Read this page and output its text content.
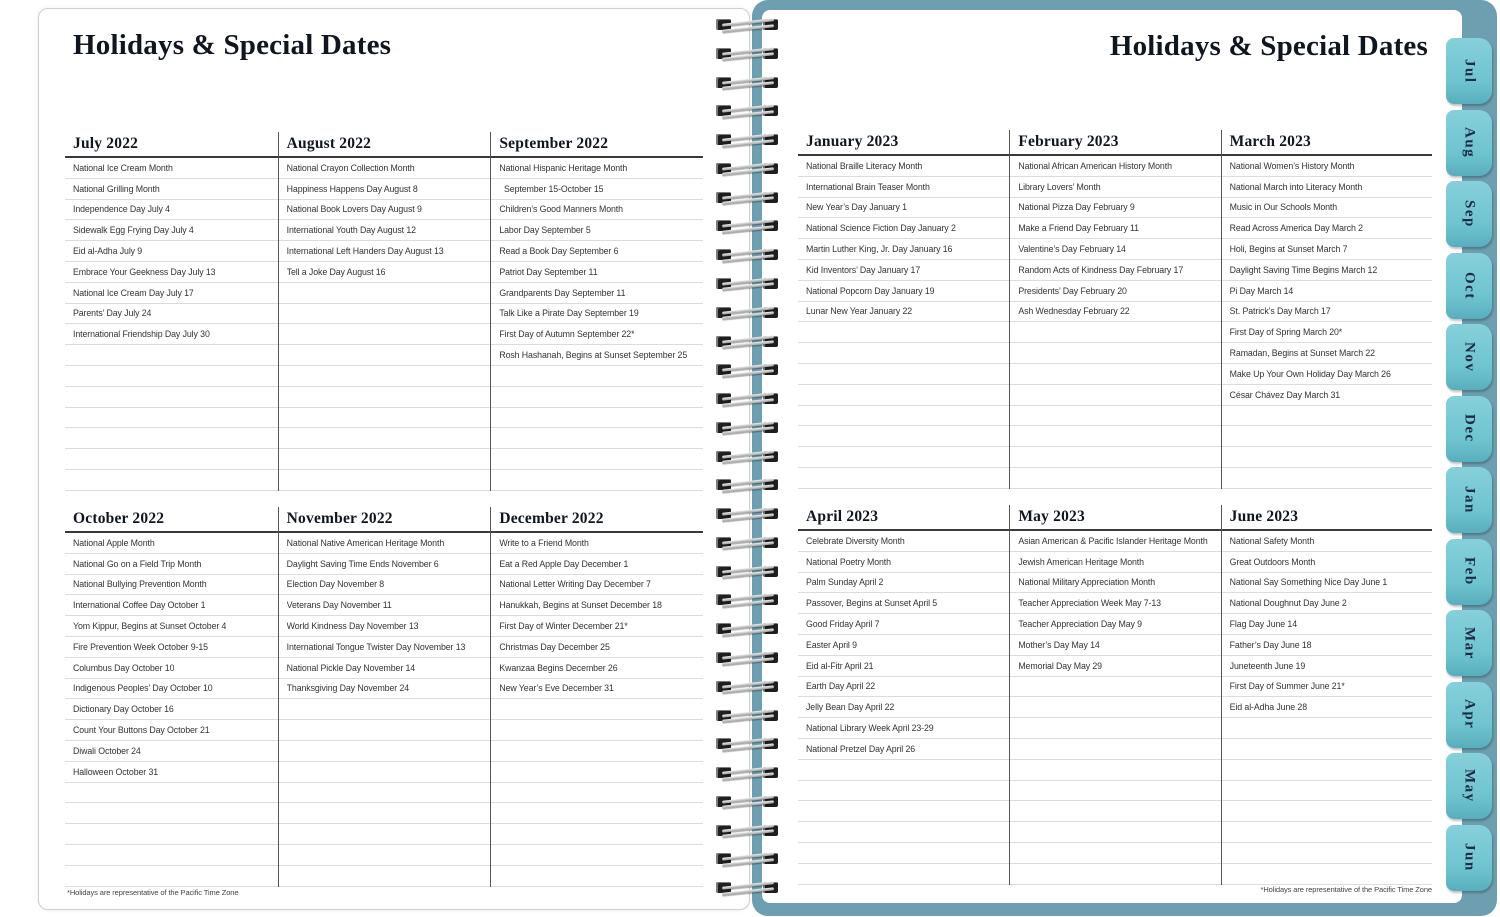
Holidays & Special Dates
July 2022
National Ice Cream Month
National Grilling Month
Independence Day July 4
Sidewalk Egg Frying Day July 4
Eid al-Adha July 9
Embrace Your Geekness Day July 13
National Ice Cream Day July 17
Parents’ Day July 24
International Friendship Day July 30
August 2022
National Crayon Collection Month
Happiness Happens Day August 8
National Book Lovers Day August 9
International Youth Day August 12
International Left Handers Day August 13
Tell a Joke Day August 16
September 2022
National Hispanic Heritage Month
September 15-October 15
Children’s Good Manners Month
Labor Day September 5
Read a Book Day September 6
Patriot Day September 11
Grandparents Day September 11
Talk Like a Pirate Day September 19
First Day of Autumn September 22*
Rosh Hashanah, Begins at Sunset September 25
October 2022
National Apple Month
National Go on a Field Trip Month
National Bullying Prevention Month
International Coffee Day October 1
Yom Kippur, Begins at Sunset October 4
Fire Prevention Week October 9-15
Columbus Day October 10
Indigenous Peoples’ Day October 10
Dictionary Day October 16
Count Your Buttons Day October 21
Diwali October 24
Halloween October 31
November 2022
National Native American Heritage Month
Daylight Saving Time Ends November 6
Election Day November 8
Veterans Day November 11
World Kindness Day November 13
International Tongue Twister Day November 13
National Pickle Day November 14
Thanksgiving Day November 24
December 2022
Write to a Friend Month
Eat a Red Apple Day December 1
National Letter Writing Day December 7
Hanukkah, Begins at Sunset December 18
First Day of Winter December 21*
Christmas Day December 25
Kwanzaa Begins December 26
New Year’s Eve December 31
*Holidays are representative of the Pacific Time Zone
Holidays & Special Dates
January 2023
National Braille Literacy Month
International Brain Teaser Month
New Year’s Day January 1
National Science Fiction Day January 2
Martin Luther King, Jr. Day January 16
Kid Inventors’ Day January 17
National Popcorn Day January 19
Lunar New Year January 22
February 2023
National African American History Month
Library Lovers’ Month
National Pizza Day February 9
Make a Friend Day February 11
Valentine’s Day February 14
Random Acts of Kindness Day February 17
Presidents’ Day February 20
Ash Wednesday February 22
March 2023
National Women’s History Month
National March into Literacy Month
Music in Our Schools Month
Read Across America Day March 2
Holi, Begins at Sunset March 7
Daylight Saving Time Begins March 12
Pi Day March 14
St. Patrick’s Day March 17
First Day of Spring March 20*
Ramadan, Begins at Sunset March 22
Make Up Your Own Holiday Day March 26
César Chávez Day March 31
April 2023
Celebrate Diversity Month
National Poetry Month
Palm Sunday April 2
Passover, Begins at Sunset April 5
Good Friday April 7
Easter April 9
Eid al-Fitr April 21
Earth Day April 22
Jelly Bean Day April 22
National Library Week April 23-29
National Pretzel Day April 26
May 2023
Asian American & Pacific Islander Heritage Month
Jewish American Heritage Month
National Military Appreciation Month
Teacher Appreciation Week May 7-13
Teacher Appreciation Day May 9
Mother’s Day May 14
Memorial Day May 29
June 2023
National Safety Month
Great Outdoors Month
National Say Something Nice Day June 1
National Doughnut Day June 2
Flag Day June 14
Father’s Day June 18
Juneteenth June 19
First Day of Summer June 21*
Eid al-Adha June 28
*Holidays are representative of the Pacific Time Zone
Jul
Aug
Sep
Oct
Nov
Dec
Jan
Feb
Mar
Apr
May
Jun
